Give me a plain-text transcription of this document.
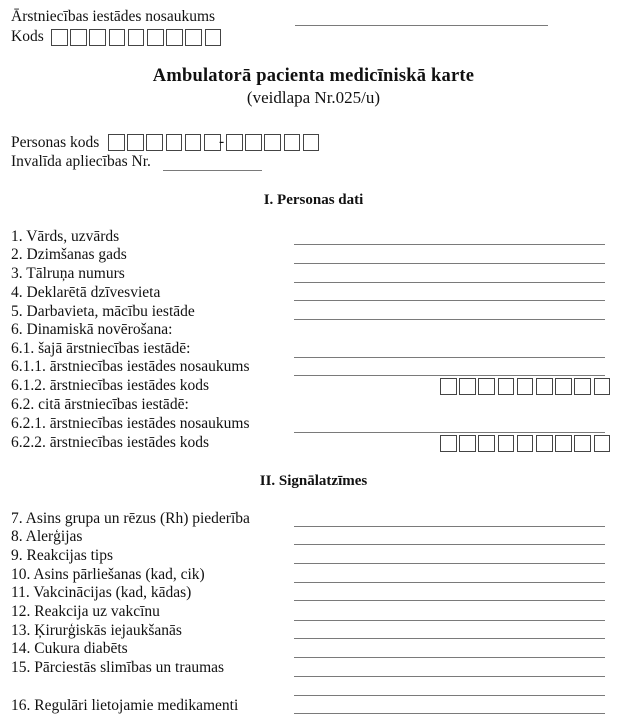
Ārstniecības iestādes nosaukums
Kods
Ambulatorā pacienta medicīniskā karte
(veidlapa Nr.025/u)
Personas kods	-
Invalīda apliecības Nr.
I. Personas dati
1. Vārds, uzvārds
2. Dzimšanas gads
3. Tālruņa numurs
4. Deklarētā dzīvesvieta
5. Darbavieta, mācību iestāde
6. Dinamiskā novērošana:
6.1. šajā ārstniecības iestādē:
6.1.1. ārstniecības iestādes nosaukums
6.1.2. ārstniecības iestādes kods
6.2. citā ārstniecības iestādē:
6.2.1. ārstniecības iestādes nosaukums
6.2.2. ārstniecības iestādes kods
II. Signālatzīmes
7. Asins grupa un rēzus (Rh) piederība
8. Alerģijas
9. Reakcijas tips
10. Asins pārliešanas (kad, cik)
11. Vakcinācijas (kad, kādas)
12. Reakcija uz vakcīnu
13. Ķirurģiskās iejaukšanās
14. Cukura diabēts
15. Pārciestās slimības un traumas
16. Regulāri lietojamie medikamenti
